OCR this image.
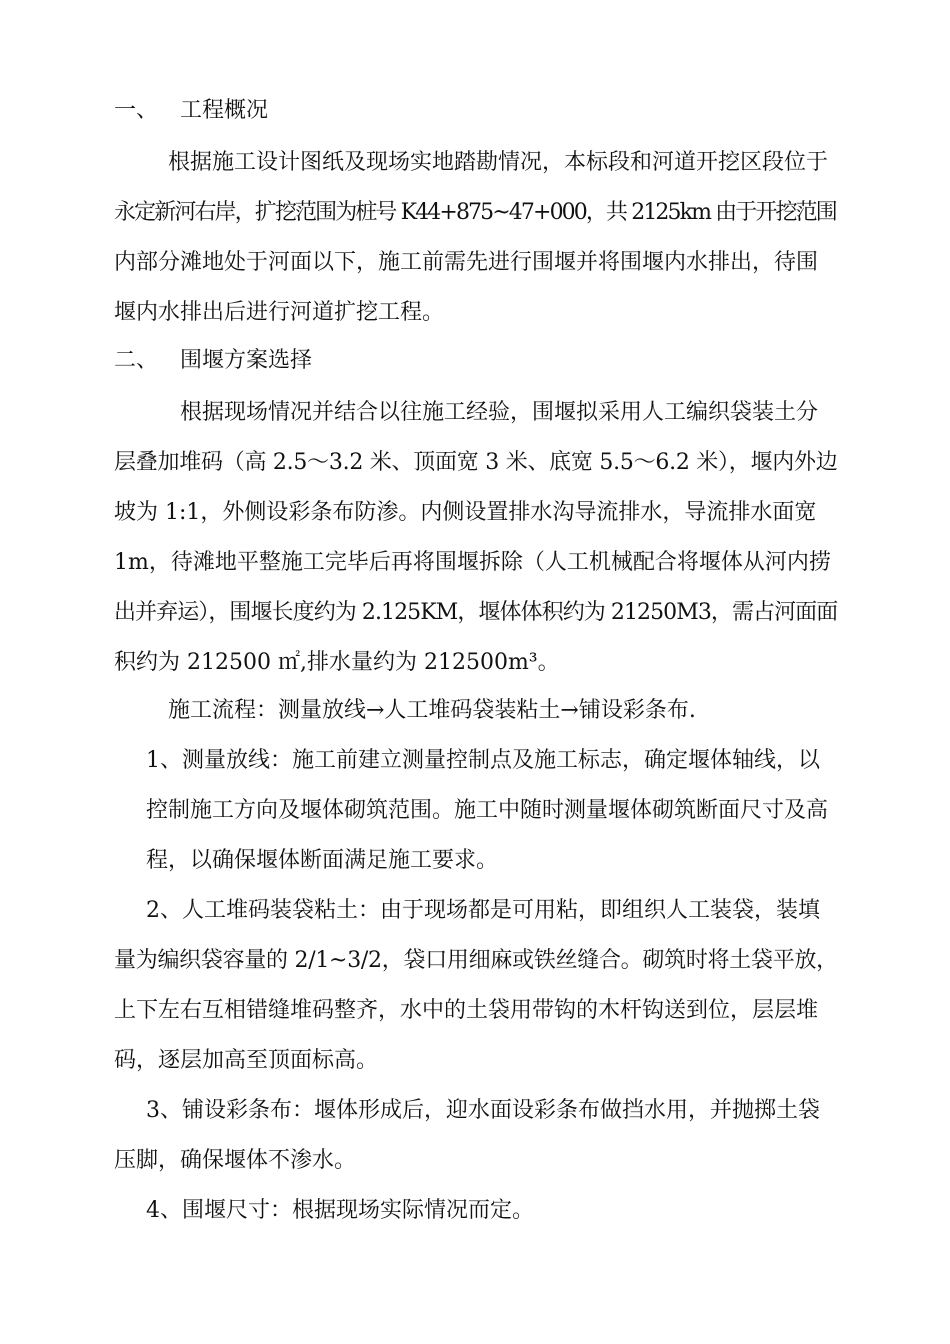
一、 工程概况
根据施工设计图纸及现场实地踏勘情况，本标段和河道开挖区段位于
永定新河右岸，扩挖范围为桩号 K44+875~47+000，共 2125km 由于开挖范围
内部分滩地处于河面以下，施工前需先进行围堰并将围堰内水排出，待围
堰内水排出后进行河道扩挖工程。
二、 围堰方案选择
根据现场情况并结合以往施工经验，围堰拟采用人工编织袋装土分
层叠加堆码（高 2.5～3.2 米、顶面宽 3 米、底宽 5.5～6.2 米），堰内外边
坡为 1:1，外侧设彩条布防渗。内侧设置排水沟导流排水，导流排水面宽
1m，待滩地平整施工完毕后再将围堰拆除（人工机械配合将堰体从河内捞
出并弃运），围堰长度约为 2.125KM，堰体体积约为 21250M3，需占河面面
积约为 212500 ㎡,排水量约为 212500m³。
施工流程：测量放线→人工堆码袋装粘土→铺设彩条布.
1、测量放线：施工前建立测量控制点及施工标志，确定堰体轴线，以
控制施工方向及堰体砌筑范围。施工中随时测量堰体砌筑断面尺寸及高
程，以确保堰体断面满足施工要求。
2、人工堆码装袋粘土：由于现场都是可用粘，即组织人工装袋，装填
量为编织袋容量的 2/1~3/2，袋口用细麻或铁丝缝合。砌筑时将土袋平放，
上下左右互相错缝堆码整齐，水中的土袋用带钩的木杆钩送到位，层层堆
码，逐层加高至顶面标高。
3、铺设彩条布：堰体形成后，迎水面设彩条布做挡水用，并抛掷土袋
压脚，确保堰体不渗水。
4、围堰尺寸：根据现场实际情况而定。
